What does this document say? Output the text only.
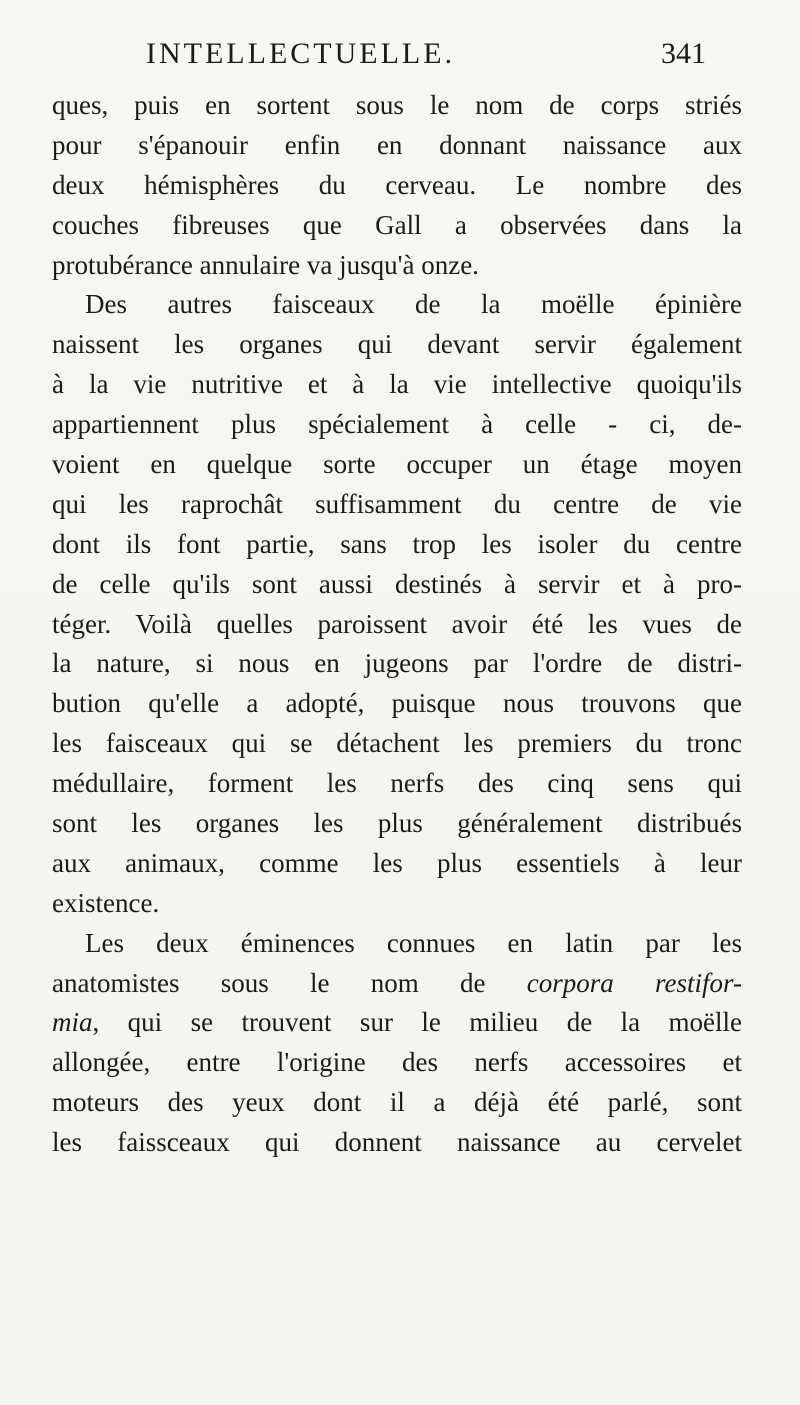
INTELLECTUELLE.	341
ques, puis en sortent sous le nom de corps striés
pour s'épanouir enfin en donnant naissance aux
deux hémisphères du cerveau. Le nombre des
couches fibreuses que Gall a observées dans la
protubérance annulaire va jusqu'à onze.
Des autres faisceaux de la moëlle épinière
naissent les organes qui devant servir également
à la vie nutritive et à la vie intellective quoiqu'ils
appartiennent plus spécialement à celle - ci, de-
voient en quelque sorte occuper un étage moyen
qui les raprochât suffisamment du centre de vie
dont ils font partie, sans trop les isoler du centre
de celle qu'ils sont aussi destinés à servir et à pro-
téger. Voilà quelles paroissent avoir été les vues de
la nature, si nous en jugeons par l'ordre de distri-
bution qu'elle a adopté, puisque nous trouvons que
les faisceaux qui se détachent les premiers du tronc
médullaire, forment les nerfs des cinq sens qui
sont les organes les plus généralement distribués
aux animaux, comme les plus essentiels à leur
existence.
Les deux éminences connues en latin par les
anatomistes sous le nom de corpora restifor-
mia, qui se trouvent sur le milieu de la moëlle
allongée, entre l'origine des nerfs accessoires et
moteurs des yeux dont il a déjà été parlé, sont
les faissceaux qui donnent naissance au cervelet
